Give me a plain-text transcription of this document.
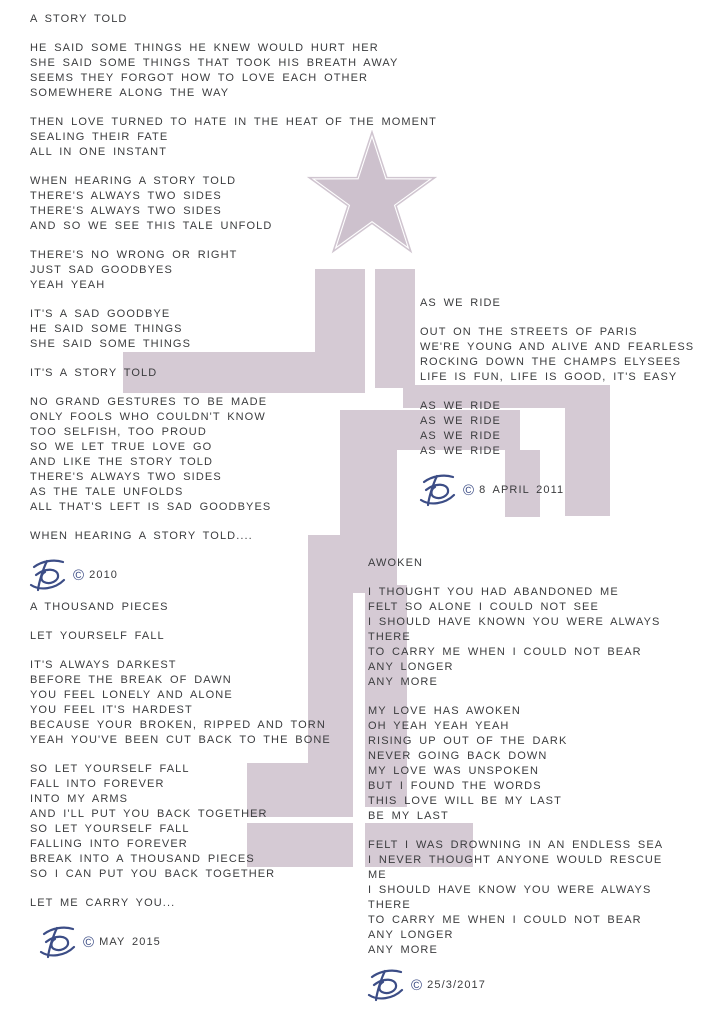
A STORY TOLD
HE SAID SOME THINGS HE KNEW WOULD HURT HER
SHE SAID SOME THINGS THAT TOOK HIS BREATH AWAY
SEEMS THEY FORGOT HOW TO LOVE EACH OTHER
SOMEWHERE ALONG THE WAY
THEN LOVE TURNED TO HATE IN THE HEAT OF THE MOMENT
SEALING THEIR FATE
ALL IN ONE INSTANT
WHEN HEARING A STORY TOLD
THERE'S ALWAYS TWO SIDES
THERE'S ALWAYS TWO SIDES
AND SO WE SEE THIS TALE UNFOLD
THERE'S NO WRONG OR RIGHT
JUST SAD GOODBYES
YEAH YEAH
IT'S A SAD GOODBYE
HE SAID SOME THINGS
SHE SAID SOME THINGS
IT'S A STORY TOLD
NO GRAND GESTURES TO BE MADE
ONLY FOOLS WHO COULDN'T KNOW
TOO SELFISH, TOO PROUD
SO WE LET TRUE LOVE GO
AND LIKE THE STORY TOLD
THERE'S ALWAYS TWO SIDES
AS THE TALE UNFOLDS
ALL THAT'S LEFT IS SAD GOODBYES
WHEN HEARING A STORY TOLD....
© 2010
A THOUSAND PIECES
LET YOURSELF FALL
IT'S ALWAYS DARKEST
BEFORE THE BREAK OF DAWN
YOU FEEL LONELY AND ALONE
YOU FEEL IT'S HARDEST
BECAUSE YOUR BROKEN, RIPPED AND TORN
YEAH YOU'VE BEEN CUT BACK TO THE BONE
SO LET YOURSELF FALL
FALL INTO FOREVER
INTO MY ARMS
AND I'LL PUT YOU BACK TOGETHER
SO LET YOURSELF FALL
FALLING INTO FOREVER
BREAK INTO A THOUSAND PIECES
SO I CAN PUT YOU BACK TOGETHER
LET ME CARRY YOU...
© MAY 2015
AS WE RIDE
OUT ON THE STREETS OF PARIS
WE'RE YOUNG AND ALIVE AND FEARLESS
ROCKING DOWN THE CHAMPS ELYSEES
LIFE IS FUN, LIFE IS GOOD, IT'S EASY
AS WE RIDE
AS WE RIDE
AS WE RIDE
AS WE RIDE
© 8 APRIL 2011
AWOKEN
I THOUGHT YOU HAD ABANDONED ME
FELT SO ALONE I COULD NOT SEE
I SHOULD HAVE KNOWN YOU WERE ALWAYS
THERE
TO CARRY ME WHEN I COULD NOT BEAR
ANY LONGER
ANY MORE
MY LOVE HAS AWOKEN
OH YEAH YEAH YEAH
RISING UP OUT OF THE DARK
NEVER GOING BACK DOWN
MY LOVE WAS UNSPOKEN
BUT I FOUND THE WORDS
THIS LOVE WILL BE MY LAST
BE MY LAST
FELT I WAS DROWNING IN AN ENDLESS SEA
I NEVER THOUGHT ANYONE WOULD RESCUE
ME
I SHOULD HAVE KNOW YOU WERE ALWAYS
THERE
TO CARRY ME WHEN I COULD NOT BEAR
ANY LONGER
ANY MORE
© 25/3/2017
